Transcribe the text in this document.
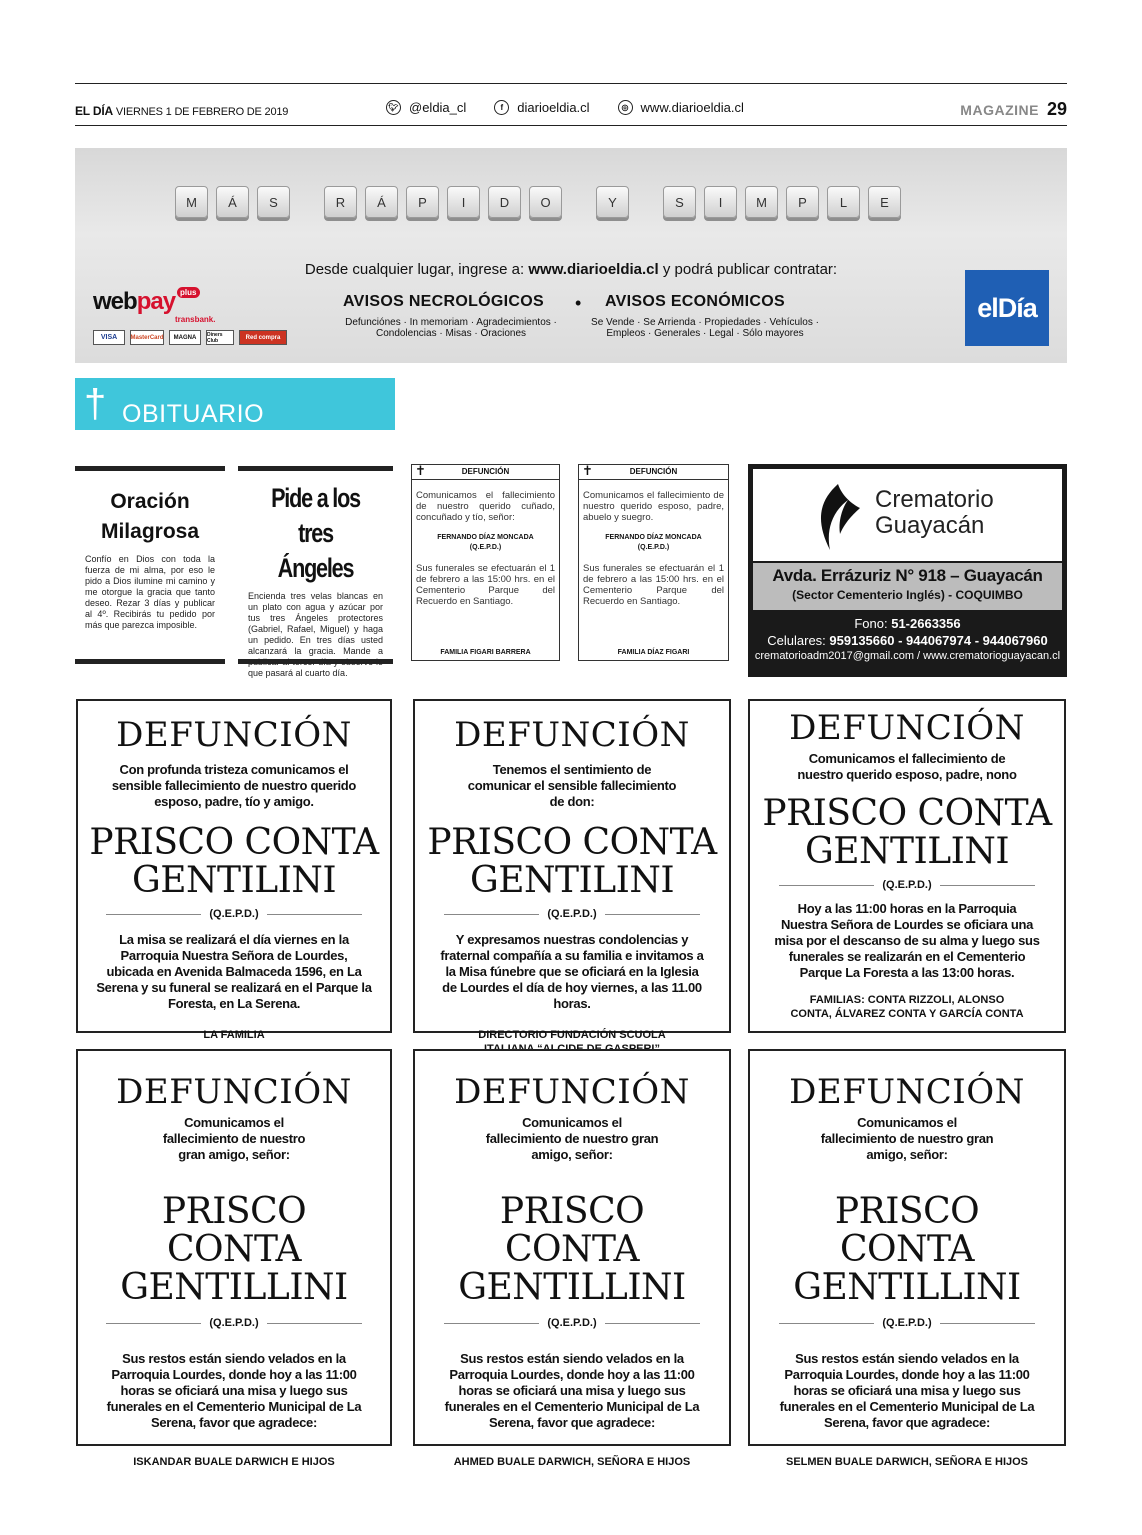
EL DÍA VIERNES 1 DE FEBRERO DE 2019	🐦︎ @eldia_cl	f	diarioeldia.cl	◎ www.diarioeldia.cl	MAGAZINE 29
M	Á	S	R	Á	P	I	D	O	Y	S	I	M	P	L	E
Desde cualquier lugar, ingrese a: www.diarioeldia.cl y podrá publicar contratar:
webpay $^{plus}$
transbank.
VISA	MasterCard	MAGNA	Diners Club	Red compra
AVISOS NECROLÓGICOS
Defunciónes · In memoriam · Agradecimientos ·
Condolencias · Misas · Oraciones
• AVISOS ECONÓMICOS
Se Vende · Se Arrienda · Propiedades · Vehículos ·
Empleos · Generales · Legal · Sólo mayores
elDía
† OBITUARIO
Oración Milagrosa

Confío en Dios con toda la fuerza de mi alma, por eso le pido a Dios ilumine mi camino y me otorgue la gracia que tanto deseo. Rezar 3 días y publicar al 4º. Recibirás tu pedido por más que parezca imposible.

Pide a los tres Ángeles

Encienda tres velas blancas en un plato con agua y azúcar por tus tres Ángeles protectores (Gabriel, Rafael, Miguel) y haga un pedido. En tres días usted alcanzará la gracia. Mande a publicar al tercer día y observe lo que pasará al cuarto día.

✝	DEFUNCIÓN

Comunicamos el fallecimiento de nuestro querido cuñado, concuñado y tío, señor:

FERNANDO DÍAZ MONCADA
(Q.E.P.D.)

Sus funerales se efectuarán el 1 de febrero a las 15:00 hrs. en el Cementerio Parque del Recuerdo en Santiago.

FAMILIA FIGARI BARRERA
✝	DEFUNCIÓN

Comunicamos el fallecimiento de nuestro querido esposo, padre, abuelo y suegro.

FERNANDO DÍAZ MONCADA
(Q.E.P.D.)

Sus funerales se efectuarán el 1 de febrero a las 15:00 hrs. en el Cementerio Parque del Recuerdo en Santiago.

FAMILIA DÍAZ FIGARI
Crematorio
Guayacán
Avda. Errázuriz N° 918 – Guayacán
(Sector Cementerio Inglés) - COQUIMBO
Fono: 51-2663356
Celulares: 959135660 - 944067974 - 944067960
crematorioadm2017@gmail.com / www.crematorioguayacan.cl
DEFUNCIÓN
Con profunda tristeza comunicamos el sensible fallecimiento de nuestro querido esposo, padre, tío y amigo.
PRISCO CONTA
GENTILINI
(Q.E.P.D.)
La misa se realizará el día viernes en la Parroquia Nuestra Señora de Lourdes, ubicada en Avenida Balmaceda 1596, en La Serena y su funeral se realizará en el Parque la Foresta, en La Serena.
LA FAMILIA
DEFUNCIÓN
Tenemos el sentimiento de comunicar el sensible fallecimiento de don:
PRISCO CONTA
GENTILINI
(Q.E.P.D.)
Y expresamos nuestras condolencias y fraternal compañía a su familia e invitamos a la Misa fúnebre que se oficiará en la Iglesia de Lourdes el día de hoy viernes, a las 11.00 horas.
DIRECTORIO FUNDACIÓN SCUOLA
DEFUNCIÓN
Comunicamos el fallecimiento de nuestro querido esposo, padre, nono
PRISCO CONTA
GENTILINI
(Q.E.P.D.)
Hoy a las 11:00 horas en la Parroquia Nuestra Señora de Lourdes se oficiara una misa por el descanso de su alma y luego sus funerales se realizarán en el Cementerio Parque La Foresta a las 13:00 horas.
FAMILIAS: CONTA RIZZOLI, ALONSO CONTA, ÁLVAREZ CONTA Y GARCÍA CONTA
DEFUNCIÓN
Comunicamos el fallecimiento de nuestro gran amigo, señor:
PRISCO
CONTA
GENTILLINI
(Q.E.P.D.)
Sus restos están siendo velados en la Parroquia Lourdes, donde hoy a las 11:00 horas se oficiará una misa y luego sus funerales en el Cementerio Municipal de La Serena, favor que agradece:
ISKANDAR BUALE DARWICH E HIJOS
DEFUNCIÓN
Comunicamos el fallecimiento de nuestro gran amigo, señor:
PRISCO
CONTA
GENTILLINI
(Q.E.P.D.)
Sus restos están siendo velados en la Parroquia Lourdes, donde hoy a las 11:00 horas se oficiará una misa y luego sus funerales en el Cementerio Municipal de La Serena, favor que agradece:
AHMED BUALE DARWICH, SEÑORA E HIJOS
DEFUNCIÓN
Comunicamos el fallecimiento de nuestro gran amigo, señor:
PRISCO
CONTA
GENTILLINI
(Q.E.P.D.)
Sus restos están siendo velados en la Parroquia Lourdes, donde hoy a las 11:00 horas se oficiará una misa y luego sus funerales en el Cementerio Municipal de La Serena, favor que agradece:
SELMEN BUALE DARWICH, SEÑORA E HIJOS
